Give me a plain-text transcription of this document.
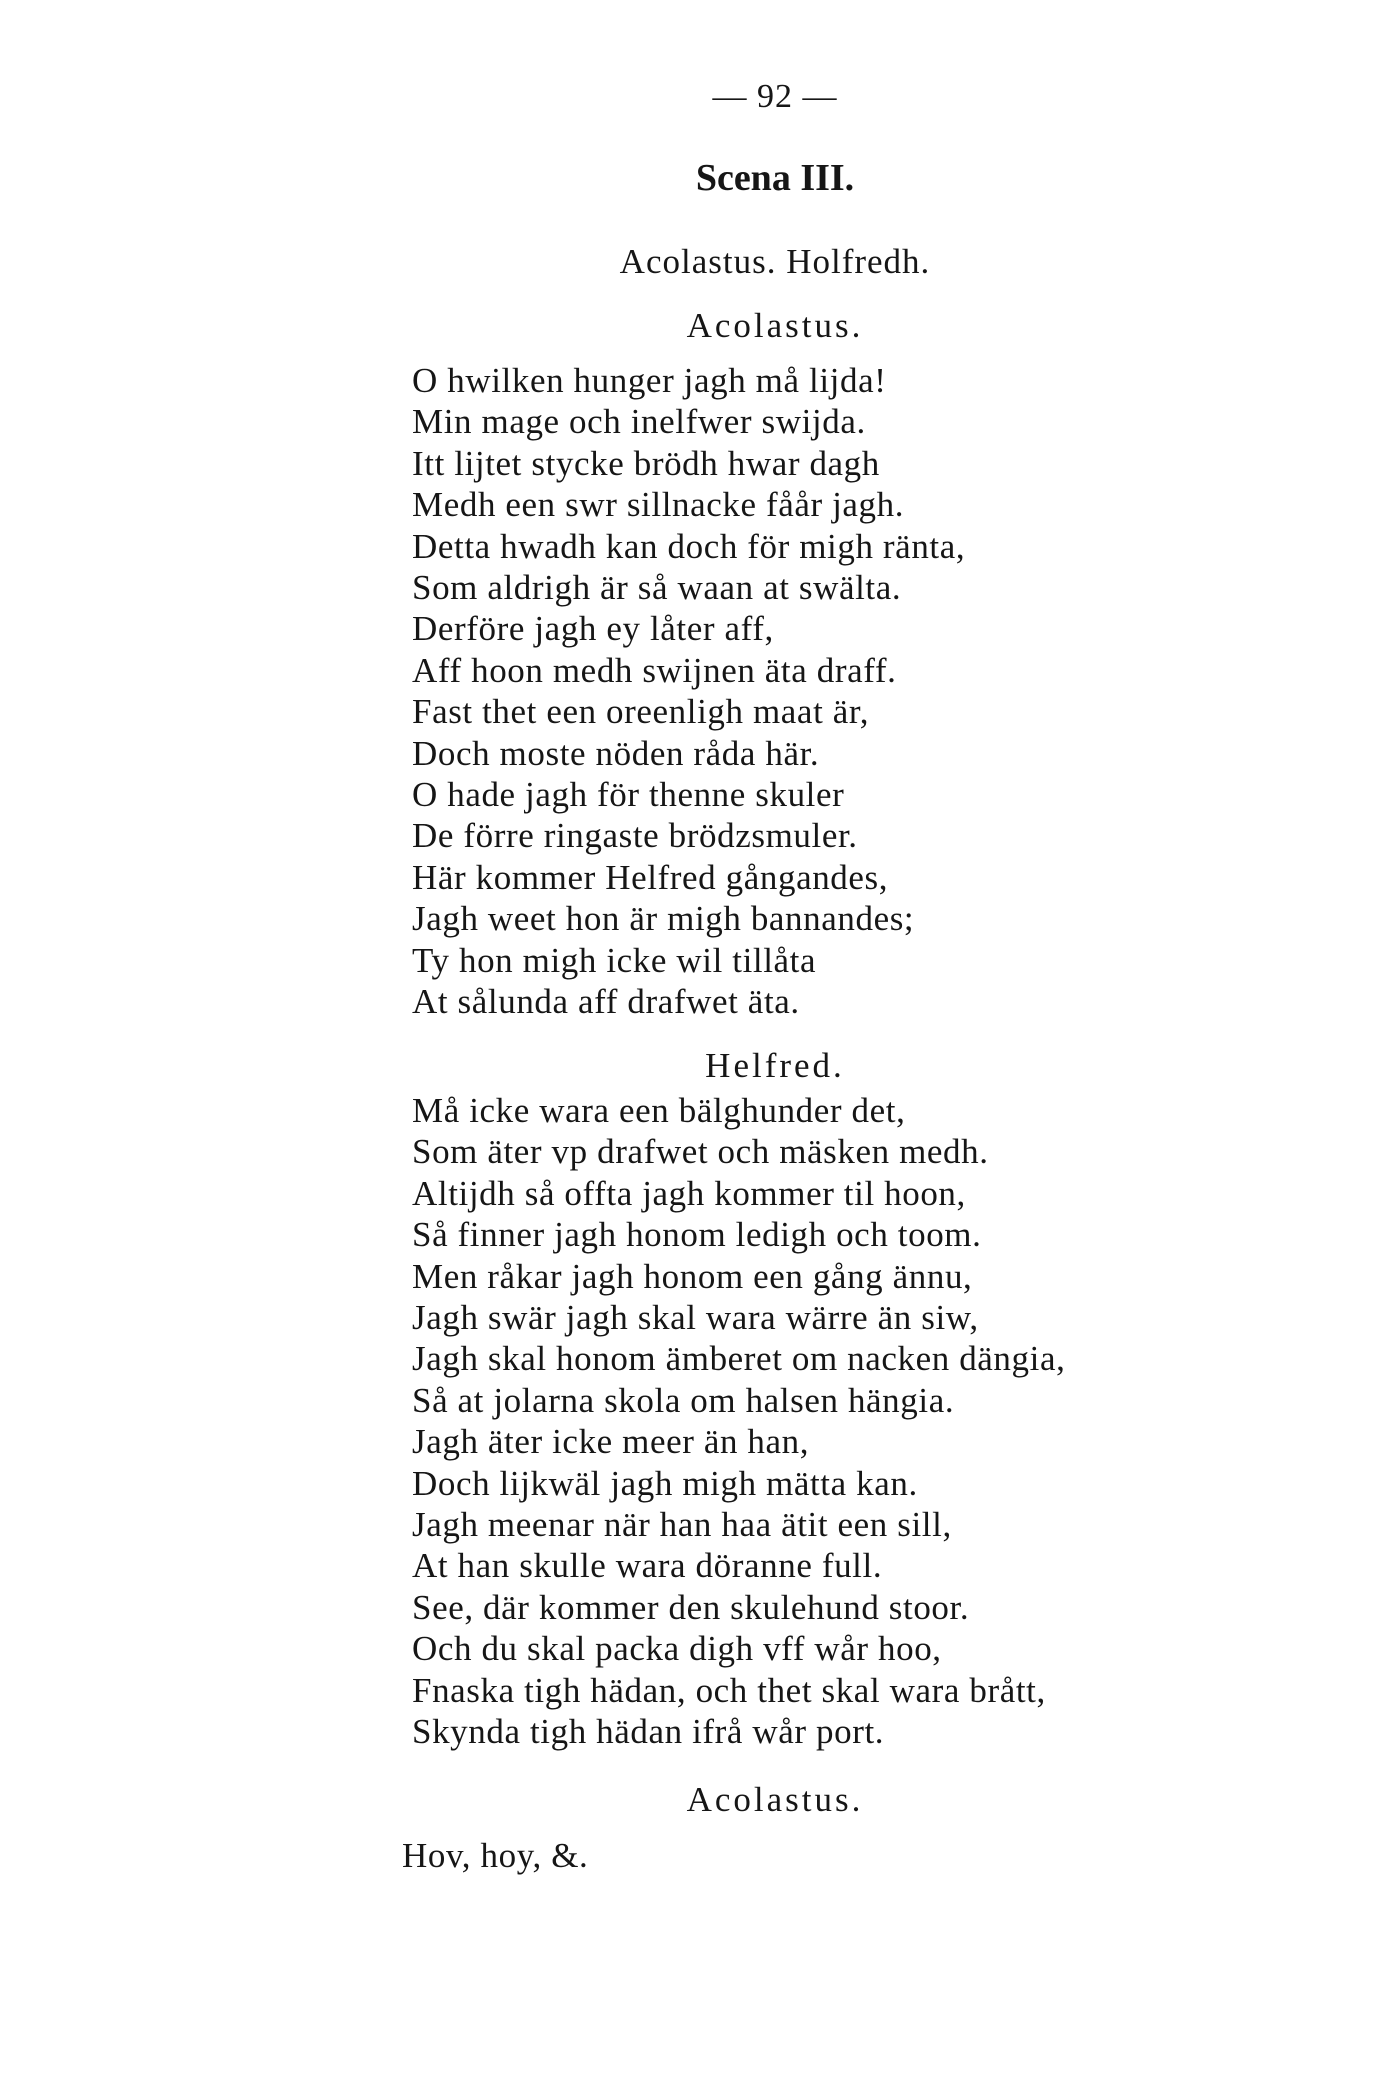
— 92 —
Scena III.
Acolastus. Holfredh.
Acolastus.
O hwilken hunger jagh må lijda!
Min mage och inelfwer swijda.
Itt lijtet stycke brödh hwar dagh
Medh een swr sillnacke fåår jagh.
Detta hwadh kan doch för migh ränta,
Som aldrigh är så waan at swälta.
Derföre jagh ey låter aff,
Aff hoon medh swijnen äta draff.
Fast thet een oreenligh maat är,
Doch moste nöden råda här.
O hade jagh för thenne skuler
De förre ringaste brödzsmuler.
Här kommer Helfred gångandes,
Jagh weet hon är migh bannandes;
Ty hon migh icke wil tillåta
At sålunda aff drafwet äta.
Helfred.
Må icke wara een bälghunder det,
Som äter vp drafwet och mäsken medh.
Altijdh så offta jagh kommer til hoon,
Så finner jagh honom ledigh och toom.
Men råkar jagh honom een gång ännu,
Jagh swär jagh skal wara wärre än siw,
Jagh skal honom ämberet om nacken dängia,
Så at jolarna skola om halsen hängia.
Jagh äter icke meer än han,
Doch lijkwäl jagh migh mätta kan.
Jagh meenar när han haa ätit een sill,
At han skulle wara döranne full.
See, där kommer den skulehund stoor.
Och du skal packa digh vff wår hoo,
Fnaska tigh hädan, och thet skal wara brått,
Skynda tigh hädan ifrå wår port.
Acolastus.
Hov, hoy, &.
